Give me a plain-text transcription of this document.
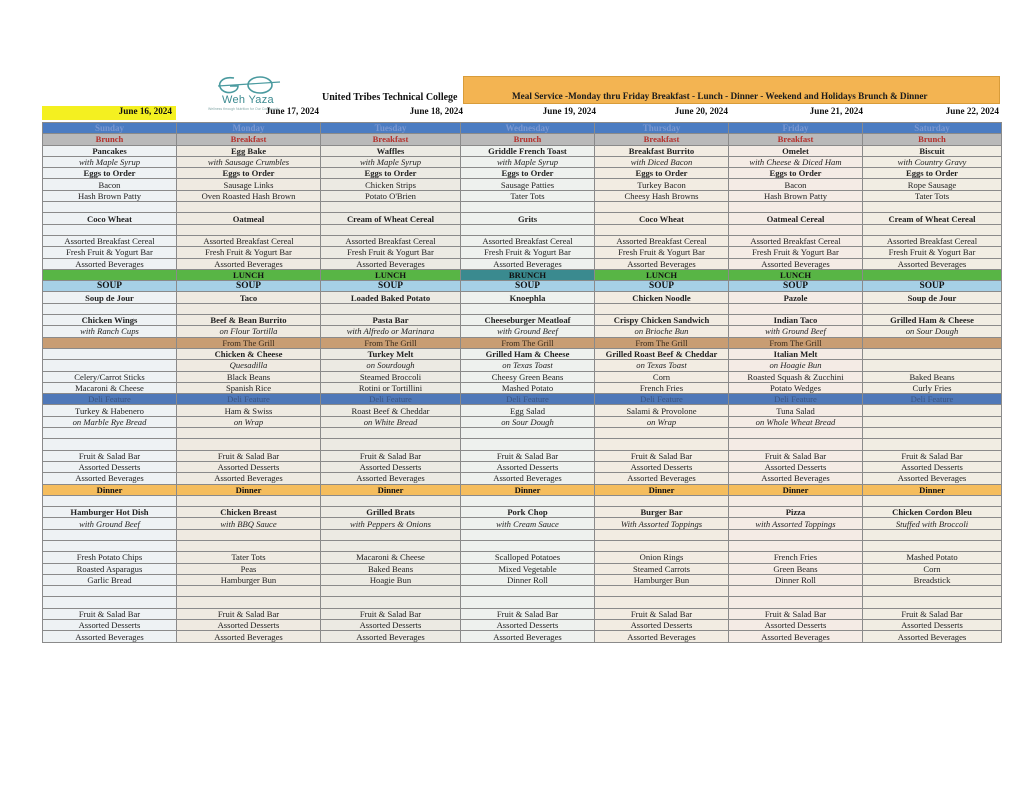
Weh Yaza
Wellness through Nutrition for Our Community
United Tribes Technical College	Meal Service -Monday thru Friday Breakfast - Lunch - Dinner - Weekend and Holidays Brunch & Dinner
June 16, 2024	June 17, 2024	June 18, 2024	June 19, 2024	June 20, 2024	June 21, 2024	June 22, 2024
Sunday	Monday	Tuesday	Wednesday	Thursday	Friday	Saturday
Brunch	Breakfast	Breakfast	Brunch	Breakfast	Breakfast	Brunch
Pancakes	Egg Bake	Waffles	Griddle French Toast	Breakfast Burrito	Omelet	Biscuit
with Maple Syrup	with Sausage Crumbles	with Maple Syrup	with Maple Syrup	with Diced Bacon	with Cheese & Diced Ham	with Country Gravy
Eggs to Order	Eggs to Order	Eggs to Order	Eggs to Order	Eggs to Order	Eggs to Order	Eggs to Order
Bacon	Sausage Links	Chicken Strips	Sausage Patties	Turkey Bacon	Bacon	Rope Sausage
Hash Brown Patty	Oven Roasted Hash Brown	Potato O'Brien	Tater Tots	Cheesy Hash Browns	Hash Brown Patty	Tater Tots

Coco Wheat	Oatmeal	Cream of Wheat Cereal	Grits	Coco Wheat	Oatmeal Cereal	Cream of Wheat Cereal

Assorted Breakfast Cereal	Assorted Breakfast Cereal	Assorted Breakfast Cereal	Assorted Breakfast Cereal	Assorted Breakfast Cereal	Assorted Breakfast Cereal	Assorted Breakfast Cereal
Fresh Fruit & Yogurt Bar	Fresh Fruit & Yogurt Bar	Fresh Fruit & Yogurt Bar	Fresh Fruit & Yogurt Bar	Fresh Fruit & Yogurt Bar	Fresh Fruit & Yogurt Bar	Fresh Fruit & Yogurt Bar
Assorted Beverages	Assorted Beverages	Assorted Beverages	Assorted Beverages	Assorted Beverages	Assorted Beverages	Assorted Beverages
	LUNCH	LUNCH	BRUNCH	LUNCH	LUNCH	
SOUP	SOUP	SOUP	SOUP	SOUP	SOUP	SOUP
Soup de Jour	Taco	Loaded Baked Potato	Knoephla	Chicken Noodle	Pazole	Soup de Jour

Chicken Wings	Beef & Bean Burrito	Pasta Bar	Cheeseburger Meatloaf	Crispy Chicken Sandwich	Indian Taco	Grilled Ham & Cheese
with Ranch Cups	on Flour Tortilla	with Alfredo or Marinara	with Ground Beef	on Brioche Bun	with Ground Beef	on Sour Dough
	From The Grill	From The Grill	From The Grill	From The Grill	From The Grill	
	Chicken & Cheese	Turkey Melt	Grilled Ham & Cheese	Grilled Roast Beef & Cheddar	Italian Melt	
	Quesadilla	on Sourdough	on Texas Toast	on Texas Toast	on Hoagie Bun	
Celery/Carrot Sticks	Black Beans	Steamed Broccoli	Cheesy Green Beans	Corn	Roasted Squash & Zucchini	Baked Beans
Macaroni & Cheese	Spanish Rice	Rotini or Tortillini	Mashed Potato	French Fries	Potato Wedges	Curly Fries
Deli Feature	Deli Feature	Deli Feature	Deli Feature	Deli Feature	Deli Feature	Deli Feature
Turkey & Habenero	Ham & Swiss	Roast Beef & Cheddar	Egg Salad	Salami & Provolone	Tuna Salad	
on Marble Rye Bread	on Wrap	on White Bread	on Sour Dough	on Wrap	on Whole Wheat Bread	

Fruit & Salad Bar	Fruit & Salad Bar	Fruit & Salad Bar	Fruit & Salad Bar	Fruit & Salad Bar	Fruit & Salad Bar	Fruit & Salad Bar
Assorted Desserts	Assorted Desserts	Assorted Desserts	Assorted Desserts	Assorted Desserts	Assorted Desserts	Assorted Desserts
Assorted Beverages	Assorted Beverages	Assorted Beverages	Assorted Beverages	Assorted Beverages	Assorted Beverages	Assorted Beverages
Dinner	Dinner	Dinner	Dinner	Dinner	Dinner	Dinner

Hamburger Hot Dish	Chicken Breast	Grilled Brats	Pork Chop	Burger Bar	Pizza	Chicken Cordon Bleu
with Ground Beef	with BBQ Sauce	with Peppers & Onions	with Cream Sauce	With Assorted Toppings	with Assorted Toppings	Stuffed with Broccoli

Fresh Potato Chips	Tater Tots	Macaroni & Cheese	Scalloped Potatoes	Onion Rings	French Fries	Mashed Potato
Roasted Asparagus	Peas	Baked Beans	Mixed Vegetable	Steamed Carrots	Green Beans	Corn
Garlic Bread	Hamburger Bun	Hoagie Bun	Dinner Roll	Hamburger Bun	Dinner Roll	Breadstick

Fruit & Salad Bar	Fruit & Salad Bar	Fruit & Salad Bar	Fruit & Salad Bar	Fruit & Salad Bar	Fruit & Salad Bar	Fruit & Salad Bar
Assorted Desserts	Assorted Desserts	Assorted Desserts	Assorted Desserts	Assorted Desserts	Assorted Desserts	Assorted Desserts
Assorted Beverages	Assorted Beverages	Assorted Beverages	Assorted Beverages	Assorted Beverages	Assorted Beverages	Assorted Beverages
